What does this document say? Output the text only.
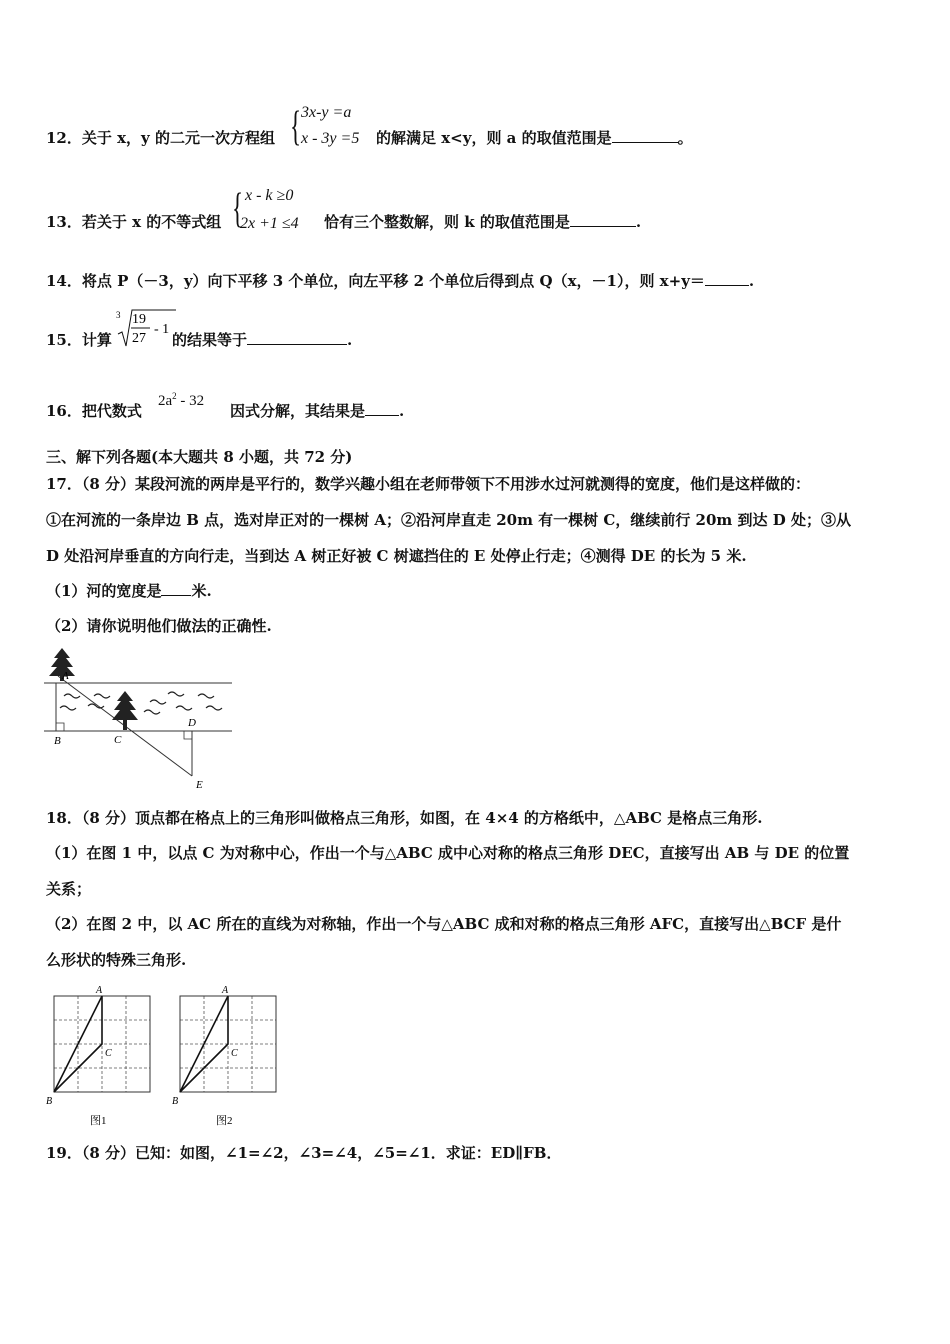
{ 3x-y =a
x - 3y =5
12．关于 x，y 的二元一次方程组	的解满足 x<y，则 a 的取值范围是	。
{ x - k ≥0
2x +1 ≤4
13．若关于 x 的不等式组	恰有三个整数解，则 k 的取值范围是	.
14．将点 P（－3，y）向下平移 3 个单位，向左平移 2 个单位后得到点 Q（x，－1），则 x+y＝	.
15．计算
3 19
27
- 1
的结果等于	.
16．把代数式
$2a^2 - 32$
因式分解，其结果是 .
三、解下列各题(本大题共 8 小题，共 72 分)
17．（8 分）某段河流的两岸是平行的，数学兴趣小组在老师带领下不用涉水过河就测得的宽度，他们是这样做的：
①在河流的一条岸边 B 点，选对岸正对的一棵树 A；②沿河岸直走 20m 有一棵树 C，继续前行 20m 到达 D 处；③从
D 处沿河岸垂直的方向行走，当到达 A 树正好被 C 树遮挡住的 E 处停止行走；④测得 DE 的长为 5 米.
（1）河的宽度是 米.
（2）请你说明他们做法的正确性.
A
B	C
D
E
18．（8 分）顶点都在格点上的三角形叫做格点三角形，如图，在 4×4 的方格纸中，△ABC 是格点三角形.
（1）在图 1 中，以点 C 为对称中心，作出一个与△ABC 成中心对称的格点三角形 DEC，直接写出 AB 与 DE 的位置
关系；
（2）在图 2 中，以 AC 所在的直线为对称轴，作出一个与△ABC 成和对称的格点三角形 AFC，直接写出△BCF 是什
么形状的特殊三角形.
A
B
C
图1
A
B
C
图2
19．（8 分）已知：如图，∠1=∠2，∠3=∠4，∠5=∠1．求证：ED∥FB．
